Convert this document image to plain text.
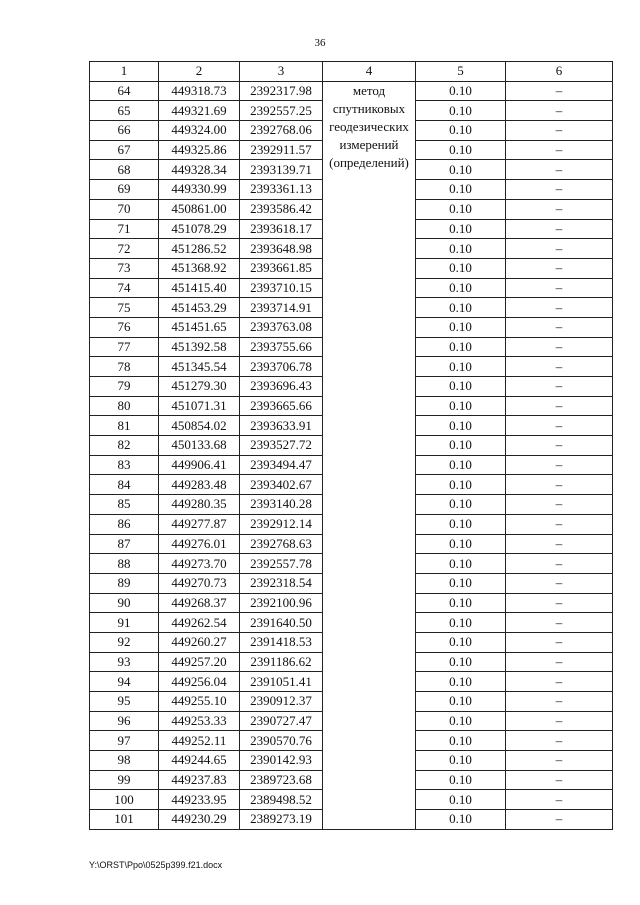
36
1	2	3	4	5	6
64	449318.73	2392317.98	метод
спутниковых
геодезических
измерений
(определений)	0.10	–
65	449321.69	2392557.25		0.10	–
66	449324.00	2392768.06		0.10	–
67	449325.86	2392911.57		0.10	–
68	449328.34	2393139.71		0.10	–
69	449330.99	2393361.13		0.10	–
70	450861.00	2393586.42		0.10	–
71	451078.29	2393618.17		0.10	–
72	451286.52	2393648.98		0.10	–
73	451368.92	2393661.85		0.10	–
74	451415.40	2393710.15		0.10	–
75	451453.29	2393714.91		0.10	–
76	451451.65	2393763.08		0.10	–
77	451392.58	2393755.66		0.10	–
78	451345.54	2393706.78		0.10	–
79	451279.30	2393696.43		0.10	–
80	451071.31	2393665.66		0.10	–
81	450854.02	2393633.91		0.10	–
82	450133.68	2393527.72		0.10	–
83	449906.41	2393494.47		0.10	–
84	449283.48	2393402.67		0.10	–
85	449280.35	2393140.28		0.10	–
86	449277.87	2392912.14		0.10	–
87	449276.01	2392768.63		0.10	–
88	449273.70	2392557.78		0.10	–
89	449270.73	2392318.54		0.10	–
90	449268.37	2392100.96		0.10	–
91	449262.54	2391640.50		0.10	–
92	449260.27	2391418.53		0.10	–
93	449257.20	2391186.62		0.10	–
94	449256.04	2391051.41		0.10	–
95	449255.10	2390912.37		0.10	–
96	449253.33	2390727.47		0.10	–
97	449252.11	2390570.76		0.10	–
98	449244.65	2390142.93		0.10	–
99	449237.83	2389723.68		0.10	–
100	449233.95	2389498.52		0.10	–
101	449230.29	2389273.19		0.10	–
Y:\ORST\Ppo\0525p399.f21.docx
